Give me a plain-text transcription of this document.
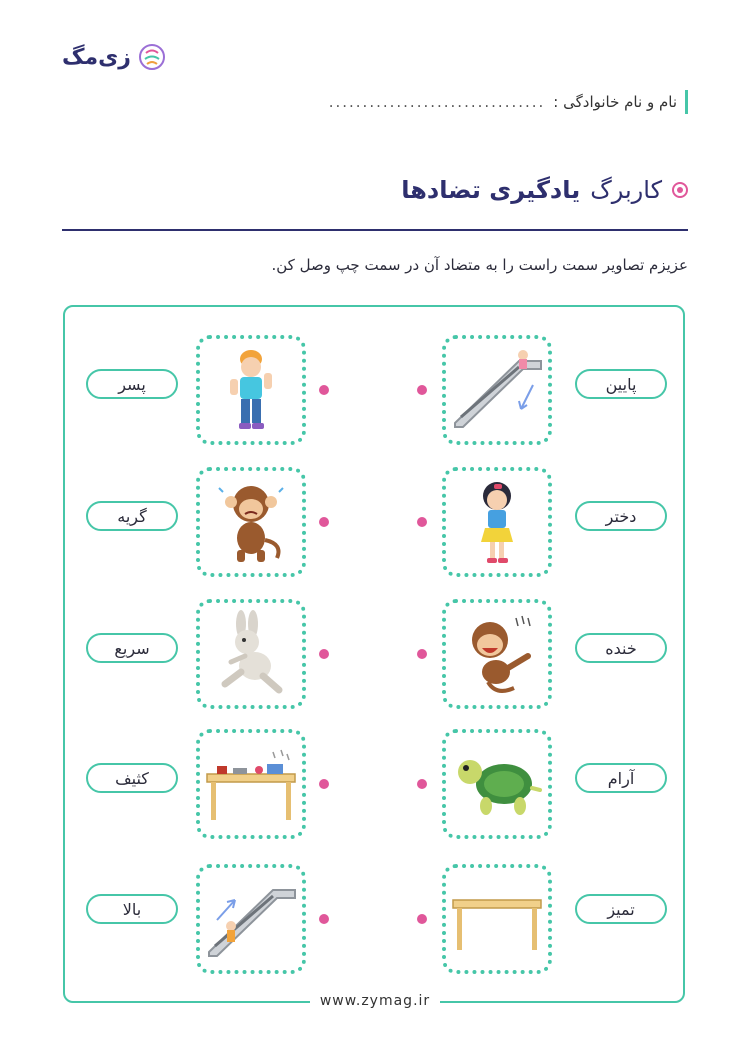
زی‌مگ
نام و نام خانوادگی :
................................
کاربرگ
یادگیری تضادها
عزیزم تصاویر سمت راست را به متضاد آن در سمت چپ وصل کن.
پسر	پایین
گریه	دختر
سریع	خنده
کثیف	آرام
بالا	تمیز
www.zymag.ir
